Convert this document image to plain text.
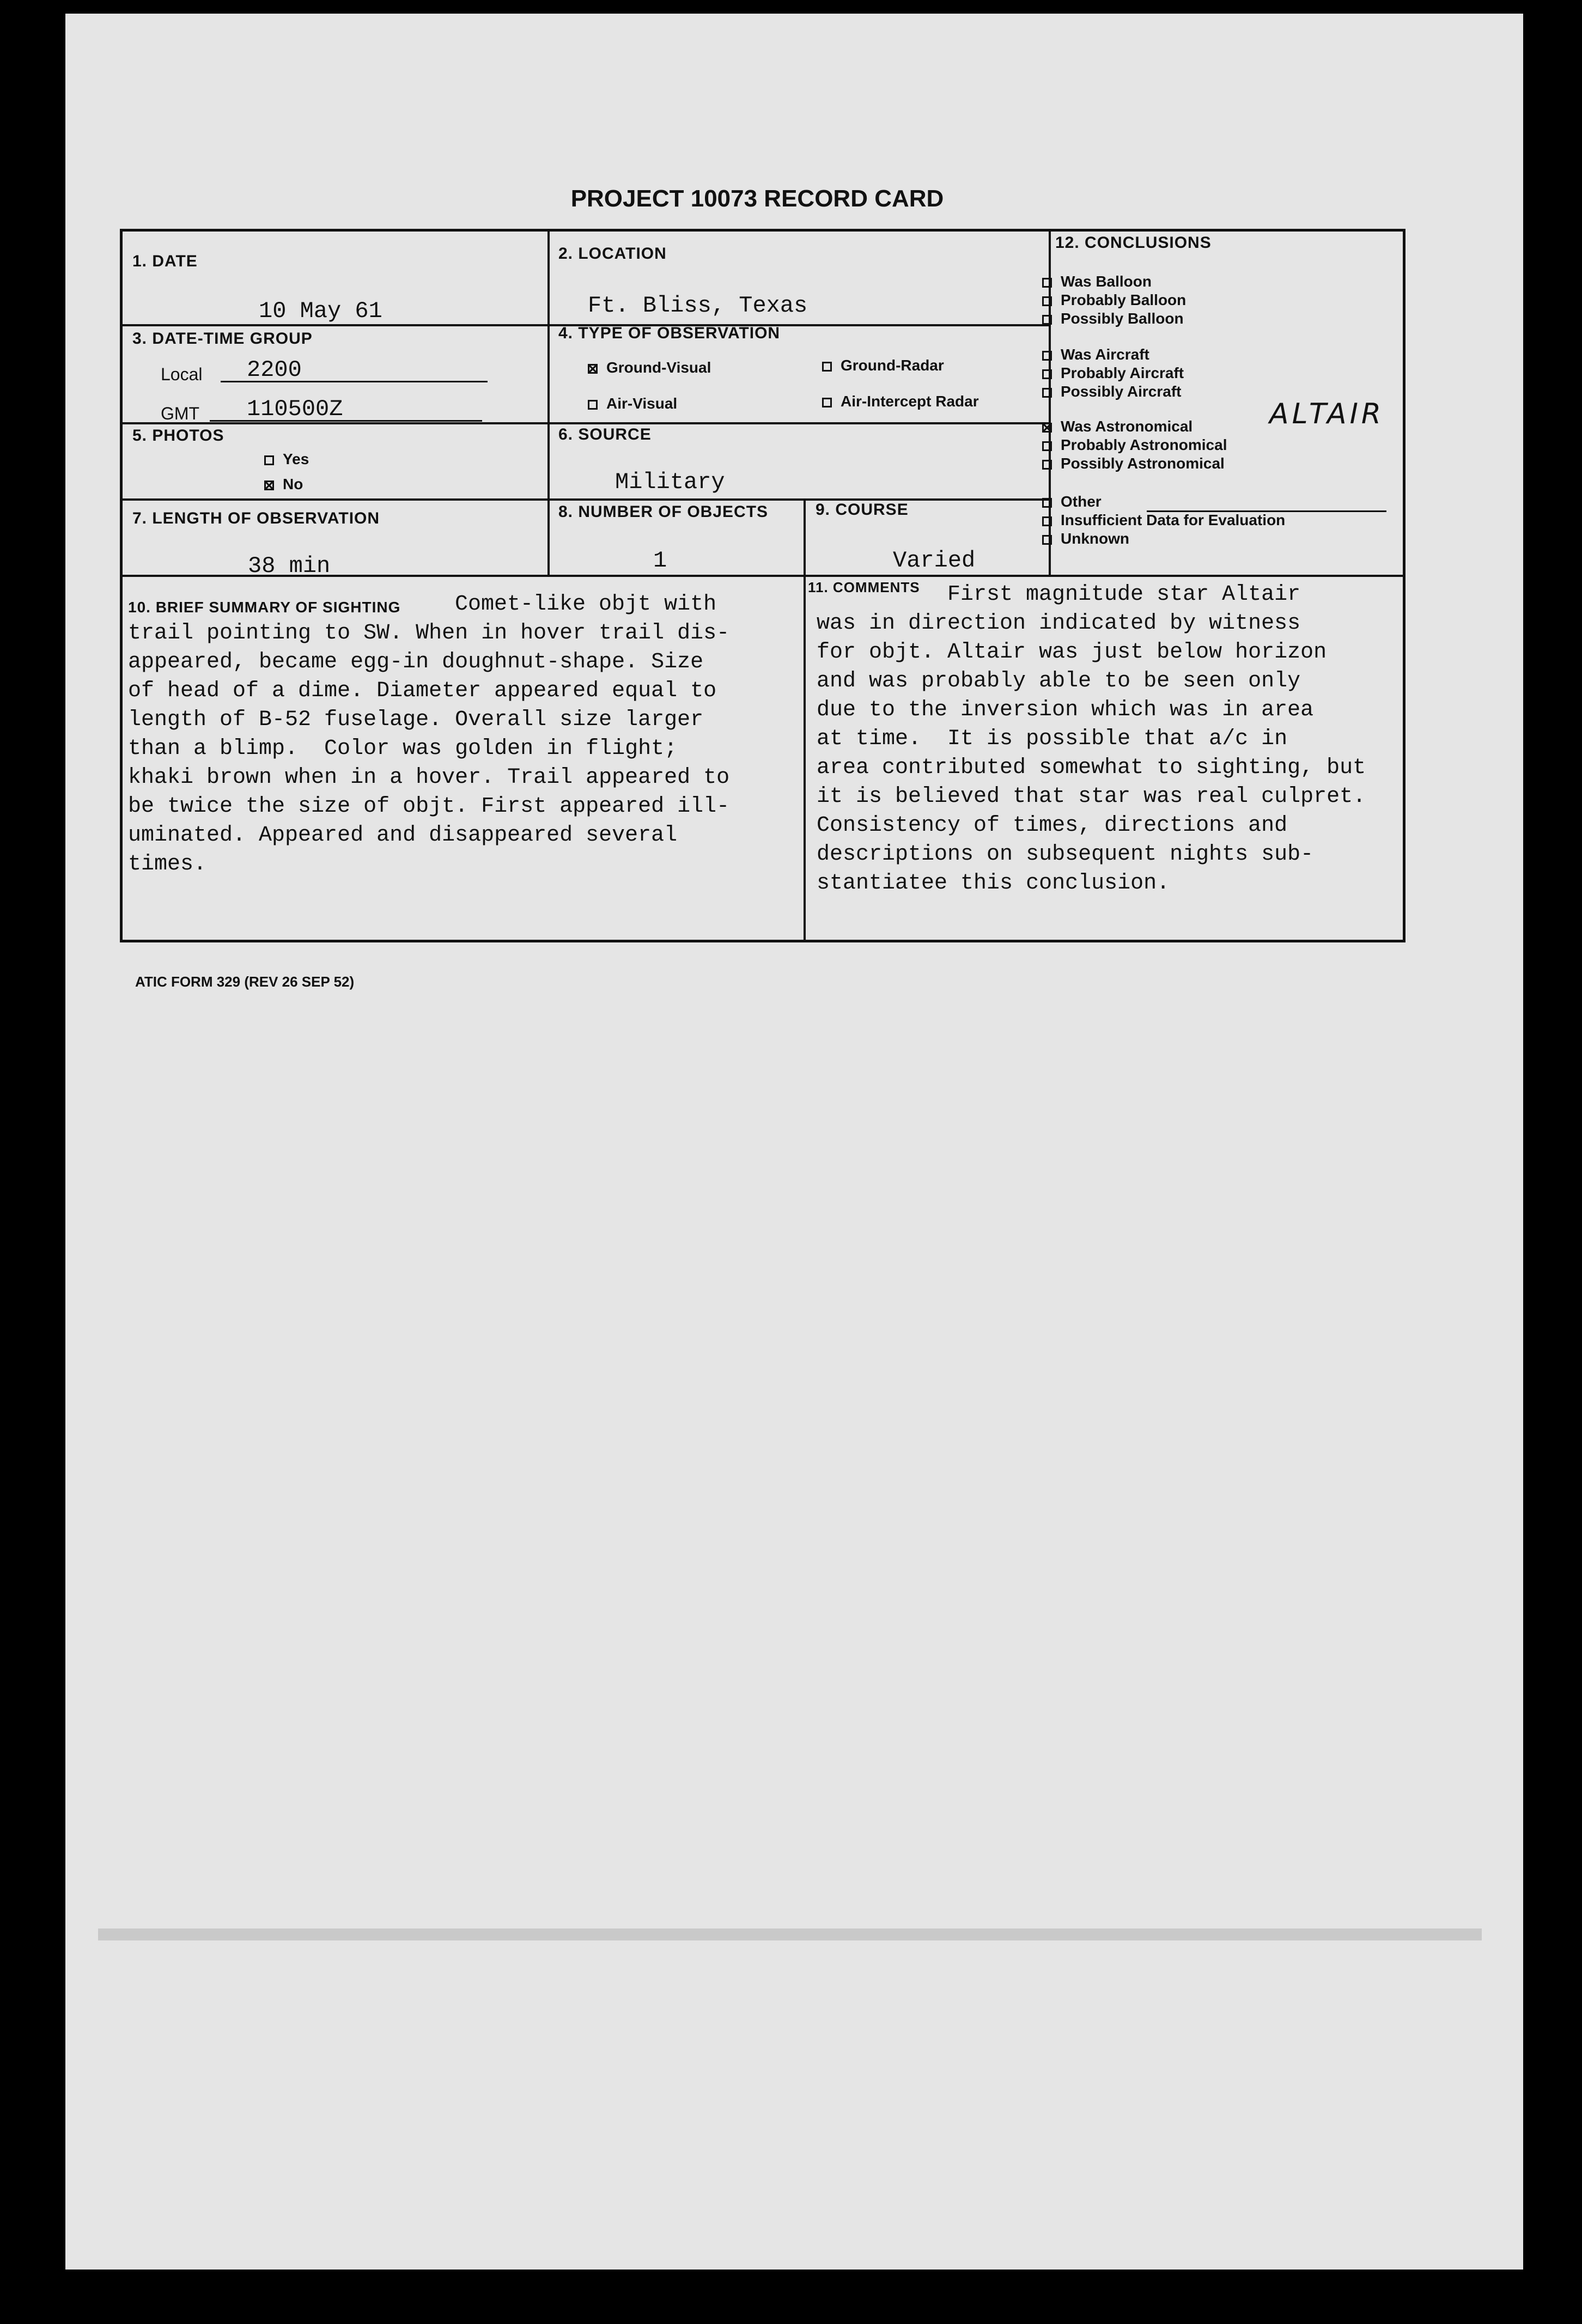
PROJECT 10073 RECORD CARD
1. DATE
10 May 61
2. LOCATION
Ft. Bliss, Texas
3. DATE-TIME GROUP
Local 2200
GMT 110500Z
4. TYPE OF OBSERVATION
Ground-Visual	Ground-Radar
Air-Visual	Air-Intercept Radar
5. PHOTOS
Yes
No
6. SOURCE
Military
7. LENGTH OF OBSERVATION
38 min
8. NUMBER OF OBJECTS
1
9. COURSE
Varied
12. CONCLUSIONS
Was Balloon
Probably Balloon
Possibly Balloon
Was Aircraft
Probably Aircraft
Possibly Aircraft
Was Astronomical
Probably Astronomical
Possibly Astronomical
Other
Insufficient Data for Evaluation
Unknown
10. BRIEF SUMMARY OF SIGHTING Comet-like objt with
trail pointing to SW. When in hover trail dis-
appeared, became egg-in doughnut-shape. Size
of head of a dime. Diameter appeared equal to
length of B-52 fuselage. Overall size larger
than a blimp.  Color was golden in flight;
khaki brown when in a hover. Trail appeared to
be twice the size of objt. First appeared ill-
uminated. Appeared and disappeared several
times.
11. COMMENTS First magnitude star Altair
was in direction indicated by witness
for objt. Altair was just below horizon
and was probably able to be seen only
due to the inversion which was in area
at time.  It is possible that a/c in
area contributed somewhat to sighting, but
it is believed that star was real culpret.
Consistency of times, directions and
descriptions on subsequent nights sub-
stantiatee this conclusion.
ALTAIR
ATIC FORM 329 (REV 26 SEP 52)
